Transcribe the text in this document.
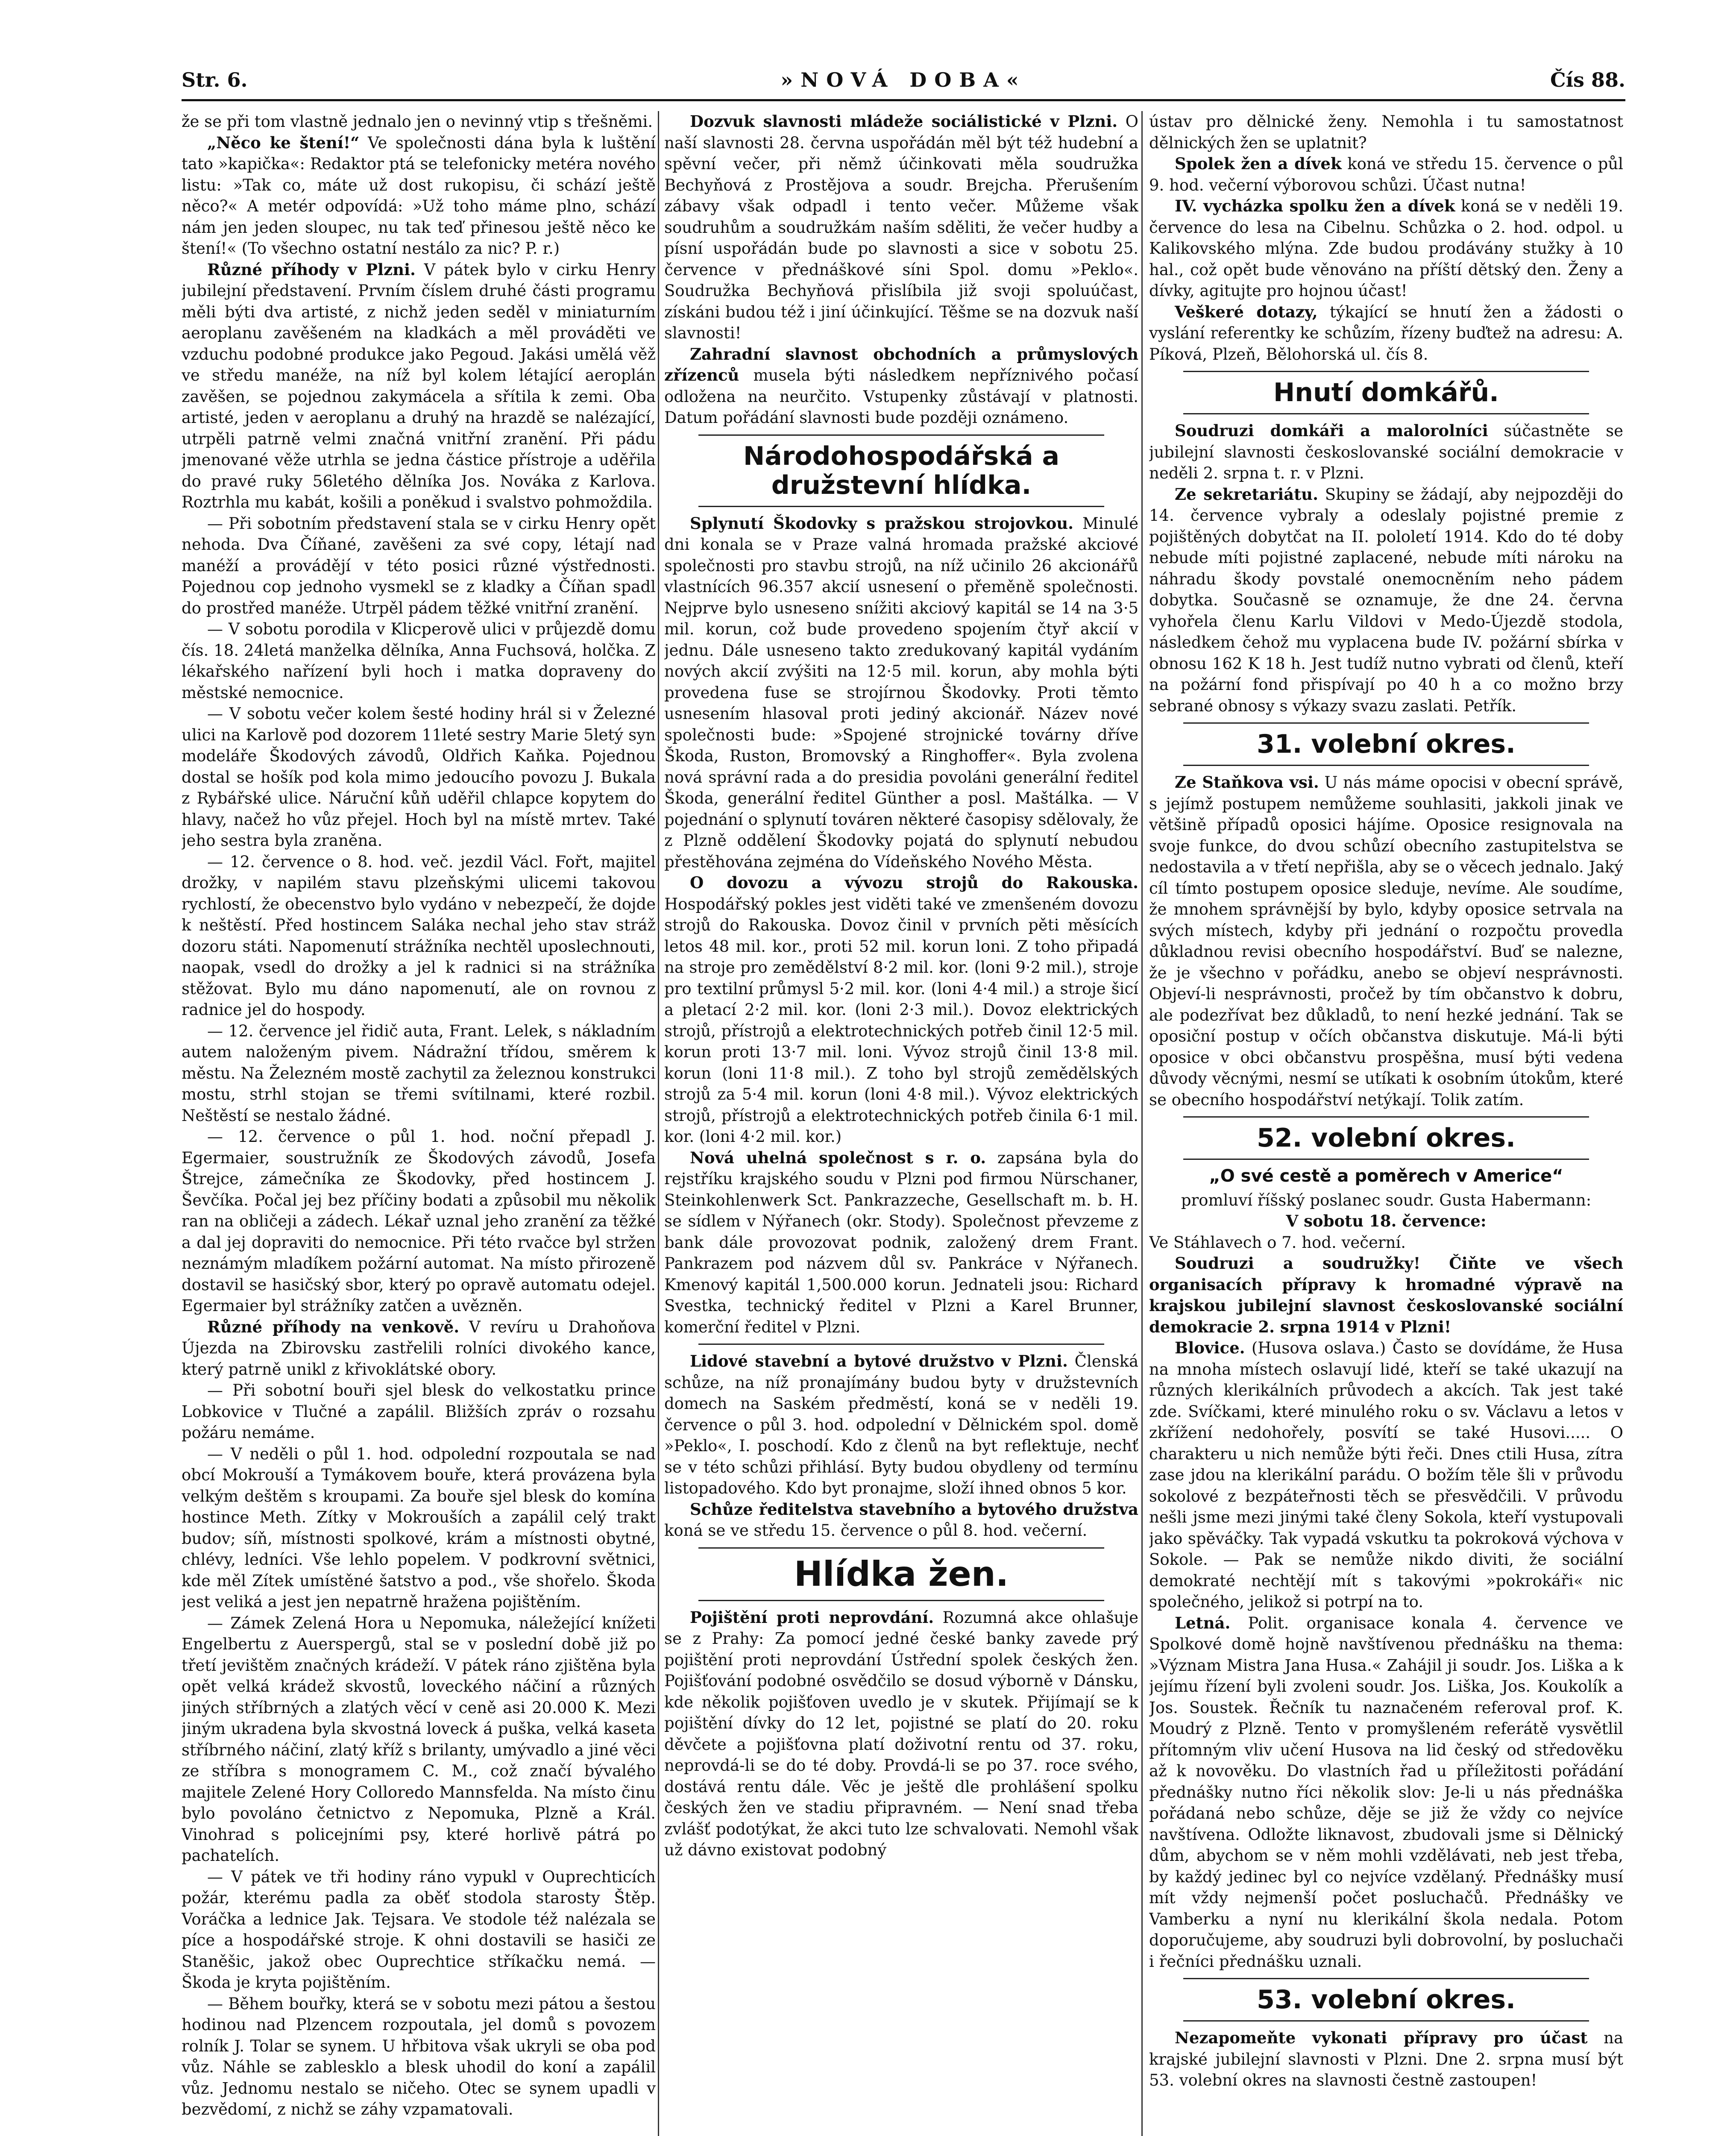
Str. 6.	»NOVÁ DOBA«	Čís 88.

že se při tom vlastně jednalo jen o nevinný vtip s třešněmi.

„Něco ke štení!“ Ve společnosti dána byla k luštění tato »kapička«: Redaktor ptá se telefonicky metéra nového listu: »Tak co, máte už dost rukopisu, či schází ještě něco?« A metér odpovídá: »Už toho máme plno, schází nám jen jeden sloupec, nu tak teď přinesou ještě něco ke štení!« (To všechno ostatní nestálo za nic? P. r.)

Různé příhody v Plzni. V pátek bylo v cirku Henry jubilejní představení. Prvním číslem druhé části programu měli býti dva artisté, z nichž jeden seděl v miniaturním aeroplanu zavěšeném na kladkách a měl prováděti ve vzduchu podobné produkce jako Pegoud. Jakási umělá věž ve středu manéže, na níž byl kolem létající aeroplán zavěšen, se pojednou zakymácela a sřítila k zemi. Oba artisté, jeden v aeroplanu a druhý na hrazdě se nalézající, utrpěli patrně velmi značná vnitřní zranění. Při pádu jmenované věže utrhla se jedna částice přístroje a uděřila do pravé ruky 56letého dělníka Jos. Nováka z Karlova. Roztrhla mu kabát, košili a poněkud i svalstvo pohmoždila.

— Při sobotním představení stala se v cirku Henry opět nehoda. Dva Číňané, zavěšeni za své copy, létají nad manéží a provádějí v této posici různé výstřednosti. Pojednou cop jednoho vysmekl se z kladky a Číňan spadl do prostřed manéže. Utrpěl pádem těžké vnitřní zranění.

— V sobotu porodila v Klicperově ulici v průjezdě domu čís. 18. 24letá manželka dělníka, Anna Fuchsová, holčka. Z lékařského nařízení byli hoch i matka dopraveny do městské nemocnice.

— V sobotu večer kolem šesté hodiny hrál si v Železné ulici na Karlově pod dozorem 11leté sestry Marie 5letý syn modeláře Škodových závodů, Oldřich Kaňka. Pojednou dostal se hošík pod kola mimo jedoucího povozu J. Bukala z Rybářské ulice. Náruční kůň uděřil chlapce kopytem do hlavy, načež ho vůz přejel. Hoch byl na místě mrtev. Také jeho sestra byla zraněna.

— 12. července o 8. hod. več. jezdil Václ. Fořt, majitel drožky, v napilém stavu plzeňskými ulicemi takovou rychlostí, že obecenstvo bylo vydáno v nebezpečí, že dojde k neštěstí. Před hostincem Saláka nechal jeho stav stráž dozoru státi. Napomenutí strážníka nechtěl uposlechnouti, naopak, vsedl do drožky a jel k radnici si na strážníka stěžovat. Bylo mu dáno napomenutí, ale on rovnou z radnice jel do hospody.

— 12. července jel řidič auta, Frant. Lelek, s nákladním autem naloženým pivem. Nádražní třídou, směrem k městu. Na Železném mostě zachytil za železnou konstrukci mostu, strhl stojan se třemi svítilnami, které rozbil. Neštěstí se nestalo žádné.

— 12. července o půl 1. hod. noční přepadl J. Egermaier, soustružník ze Škodových závodů, Josefa Štrejce, zámečníka ze Škodovky, před hostincem J. Ševčíka. Počal jej bez příčiny bodati a způsobil mu několik ran na obličeji a zádech. Lékař uznal jeho zranění za těžké a dal jej dopraviti do nemocnice. Při této rvačce byl stržen neznámým mladíkem požární automat. Na místo přirozeně dostavil se hasičský sbor, který po opravě automatu odejel. Egermaier byl strážníky zatčen a uvězněn.

Různé příhody na venkově. V revíru u Drahoňova Újezda na Zbirovsku zastřelili rolníci divokého kance, který patrně unikl z křivoklátské obory.

— Při sobotní bouři sjel blesk do velkostatku prince Lobkovice v Tlučné a zapálil. Bližších zpráv o rozsahu požáru nemáme.

— V neděli o půl 1. hod. odpolední rozpoutala se nad obcí Mokrouší a Tymákovem bouře, která provázena byla velkým deštěm s kroupami. Za bouře sjel blesk do komína hostince Meth. Zítky v Mokrouších a zapálil celý trakt budov; síň, místnosti spolkové, krám a místnosti obytné, chlévy, ledníci. Vše lehlo popelem. V podkrovní světnici, kde měl Zítek umístěné šatstvo a pod., vše shořelo. Škoda jest veliká a jest jen nepatrně hražena pojištěním.

— Zámek Zelená Hora u Nepomuka, náležející knížeti Engelbertu z Auerspergů, stal se v poslední době již po třetí jevištěm značných krádeží. V pátek ráno zjištěna byla opět velká krádež skvostů, loveckého náčiní a různých jiných stříbrných a zlatých věcí v ceně asi 20.000 K. Mezi jiným ukradena byla skvostná loveck á puška, velká kaseta stříbrného náčiní, zlatý kříž s brilanty, umývadlo a jiné věci ze stříbra s monogramem C. M., což značí bývalého majitele Zelené Hory Colloredo Mannsfelda. Na místo činu bylo povoláno četnictvo z Nepomuka, Plzně a Král. Vinohrad s policejními psy, které horlivě pátrá po pachatelích.

— V pátek ve tři hodiny ráno vypukl v Ouprechticích požár, kterému padla za oběť stodola starosty Štěp. Voráčka a lednice Jak. Tejsara. Ve stodole též nalézala se píce a hospodářské stroje. K ohni dostavili se hasiči ze Staněšic, jakož obec Ouprechtice stříkačku nemá. — Škoda je kryta pojištěním.

— Během bouřky, která se v sobotu mezi pátou a šestou hodinou nad Plzencem rozpoutala, jel domů s povozem rolník J. Tolar se synem. U hřbitova však ukryli se oba pod vůz. Náhle se zablesklo a blesk uhodil do koní a zapálil vůz. Jednomu nestalo se ničeho. Otec se synem upadli v bezvědomí, z nichž se záhy vzpamatovali.

Dozvuk slavnosti mládeže sociálistické v Plzni. O naší slavnosti 28. června uspořádán měl být též hudební a spěvní večer, při němž účinkovati měla soudružka Bechyňová z Prostějova a soudr. Brejcha. Přerušením zábavy však odpadl i tento večer. Můžeme však soudruhům a soudružkám naším sděliti, že večer hudby a písní uspořádán bude po slavnosti a sice v sobotu 25. července v přednáškové síni Spol. domu »Peklo«. Soudružka Bechyňová přislíbila již svoji spoluúčast, získáni budou též i jiní účinkující. Těšme se na dozvuk naší slavnosti!

Zahradní slavnost obchodních a průmyslových zřízenců musela býti následkem nepříznivého počasí odložena na neurčito. Vstupenky zůstávají v platnosti. Datum pořádání slavnosti bude později oznámeno.

Národohospodářská a družstevní hlídka.

Splynutí Škodovky s pražskou strojovkou. Minulé dni konala se v Praze valná hromada pražské akciové společnosti pro stavbu strojů, na níž učinilo 26 akcionářů vlastnících 96.357 akcií usnesení o přeměně společnosti. Nejprve bylo usneseno snížiti akciový kapitál se 14 na 3·5 mil. korun, což bude provedeno spojením čtyř akcií v jednu. Dále usneseno takto zredukovaný kapitál vydáním nových akcií zvýšiti na 12·5 mil. korun, aby mohla býti provedena fuse se strojírnou Škodovky. Proti těmto usnesením hlasoval proti jediný akcionář. Název nové společnosti bude: »Spojené strojnické továrny dříve Škoda, Ruston, Bromovský a Ringhoffer«. Byla zvolena nová správní rada a do presidia povoláni generální ředitel Škoda, generální ředitel Günther a posl. Maštálka. — V pojednání o splynutí továren některé časopisy sdělovaly, že z Plzně oddělení Škodovky pojatá do splynutí nebudou přestěhována zejména do Vídeňského Nového Města.

O dovozu a vývozu strojů do Rakouska. Hospodářský pokles jest viděti také ve zmenšeném dovozu strojů do Rakouska. Dovoz činil v prvních pěti měsících letos 48 mil. kor., proti 52 mil. korun loni. Z toho připadá na stroje pro zemědělství 8·2 mil. kor. (loni 9·2 mil.), stroje pro textilní průmysl 5·2 mil. kor. (loni 4·4 mil.) a stroje šicí a pletací 2·2 mil. kor. (loni 2·3 mil.). Dovoz elektrických strojů, přístrojů a elektrotechnických potřeb činil 12·5 mil. korun proti 13·7 mil. loni. Vývoz strojů činil 13·8 mil. korun (loni 11·8 mil.). Z toho byl strojů zemědělských strojů za 5·4 mil. korun (loni 4·8 mil.). Vývoz elektrických strojů, přístrojů a elektrotechnických potřeb činila 6·1 mil. kor. (loni 4·2 mil. kor.)

Nová uhelná společnost s r. o. zapsána byla do rejstříku krajského soudu v Plzni pod firmou Nürschaner, Steinkohlenwerk Sct. Pankrazzeche, Gesellschaft m. b. H. se sídlem v Nýřanech (okr. Stody). Společnost převzeme z bank dále provozovat podnik, založený drem Frant. Pankrazem pod názvem důl sv. Pankráce v Nýřanech. Kmenový kapitál 1,500.000 korun. Jednateli jsou: Richard Svestka, technický ředitel v Plzni a Karel Brunner, komerční ředitel v Plzni.

Lidové stavební a bytové družstvo v Plzni. Členská schůze, na níž pronajímány budou byty v družstevních domech na Saském předměstí, koná se v neděli 19. července o půl 3. hod. odpolední v Dělnickém spol. domě »Peklo«, I. poschodí. Kdo z členů na byt reflektuje, nechť se v této schůzi přihlásí. Byty budou obydleny od termínu listopadového. Kdo byt pronajme, složí ihned obnos 5 kor.

Schůze ředitelstva stavebního a bytového družstva koná se ve středu 15. července o půl 8. hod. večerní.

Hlídka žen.

Pojištění proti neprovdání. Rozumná akce ohlašuje se z Prahy: Za pomocí jedné české banky zavede prý pojištění proti neprovdání Ústřední spolek českých žen. Pojišťování podobné osvědčilo se dosud výborně v Dánsku, kde několik pojišťoven uvedlo je v skutek. Přijímají se k pojištění dívky do 12 let, pojistné se platí do 20. roku děvčete a pojišťovna platí doživotní rentu od 37. roku, neprovdá-li se do té doby. Provdá-li se po 37. roce svého, dostává rentu dále. Věc je ještě dle prohlášení spolku českých žen ve stadiu připravném. — Není snad třeba zvlášť podotýkat, že akci tuto lze schvalovati. Nemohl však už dávno existovat podobný

ústav pro dělnické ženy. Nemohla i tu samostatnost dělnických žen se uplatnit?

Spolek žen a dívek koná ve středu 15. července o půl 9. hod. večerní výborovou schůzi. Účast nutna!

IV. vycházka spolku žen a dívek koná se v neděli 19. července do lesa na Cibelnu. Schůzka o 2. hod. odpol. u Kalikovského mlýna. Zde budou prodávány stužky à 10 hal., což opět bude věnováno na příští dětský den. Ženy a dívky, agitujte pro hojnou účast!

Veškeré dotazy, týkající se hnutí žen a žádosti o vyslání referentky ke schůzím, řízeny buďtež na adresu: A. Píková, Plzeň, Bělohorská ul. čís 8.

Hnutí domkářů.

Soudruzi domkáři a malorolníci súčastněte se jubilejní slavnosti českoslovanské sociální demokracie v neděli 2. srpna t. r. v Plzni.

Ze sekretariátu. Skupiny se žádají, aby nejpozději do 14. července vybraly a odeslaly pojistné premie z pojištěných dobytčat na II. pololetí 1914. Kdo do té doby nebude míti pojistné zaplacené, nebude míti nároku na náhradu škody povstalé onemocněním neho pádem dobytka. Současně se oznamuje, že dne 24. června vyhořela členu Karlu Vildovi v Medo-Újezdě stodola, následkem čehož mu vyplacena bude IV. požární sbírka v obnosu 162 K 18 h. Jest tudíž nutno vybrati od členů, kteří na požární fond přispívají po 40 h a co možno brzy sebrané obnosy s výkazy svazu zaslati. Petřík.

31. volební okres.

Ze Staňkova vsi. U nás máme opocisi v obecní správě, s jejímž postupem nemůžeme souhlasiti, jakkoli jinak ve většině případů oposici hájíme. Oposice resignovala na svoje funkce, do dvou schůzí obecního zastupitelstva se nedostavila a v třetí nepřišla, aby se o věcech jednalo. Jaký cíl tímto postupem oposice sleduje, nevíme. Ale soudíme, že mnohem správnější by bylo, kdyby oposice setrvala na svých místech, kdyby při jednání o rozpočtu provedla důkladnou revisi obecního hospodářství. Buď se nalezne, že je všechno v pořádku, anebo se objeví nesprávnosti. Objeví-li nesprávnosti, pročež by tím občanstvo k dobru, ale podezřívat bez důkladů, to není hezké jednání. Tak se oposiční postup v očích občanstva diskutuje. Má-li býti oposice v obci občanstvu prospěšna, musí býti vedena důvody věcnými, nesmí se utíkati k osobním útokům, které se obecního hospodářství netýkají. Tolik zatím.

52. volební okres.
„O své cestě a poměrech v Americe“

promluví říšský poslanec soudr. Gusta Habermann:

V sobotu 18. července:

Ve Stáhlavech o 7. hod. večerní.

Soudruzi a soudružky! Čiňte ve všech organisacích přípravy k hromadné výpravě na krajskou jubilejní slavnost českoslovanské sociální demokracie 2. srpna 1914 v Plzni!

Blovice. (Husova oslava.) Často se dovídáme, že Husa na mnoha místech oslavují lidé, kteří se také ukazují na různých klerikálních průvodech a akcích. Tak jest také zde. Svíčkami, které minulého roku o sv. Václavu a letos v zkřížení nedohořely, posvítí se také Husovi..... O charakteru u nich nemůže býti řeči. Dnes ctili Husa, zítra zase jdou na klerikální parádu. O božím těle šli v průvodu sokolové z bezpáteřnosti těch se přesvědčili. V průvodu nešli jsme mezi jinými také členy Sokola, kteří vystupovali jako spěváčky. Tak vypadá vskutku ta pokroková výchova v Sokole. — Pak se nemůže nikdo diviti, že sociální demokraté nechtějí mít s takovými »pokrokáři« nic společného, jelikož si potrpí na to.

Letná. Polit. organisace konala 4. července ve Spolkové domě hojně navštívenou přednášku na thema: »Význam Mistra Jana Husa.« Zahájil ji soudr. Jos. Liška a k jejímu řízení byli zvoleni soudr. Jos. Liška, Jos. Koukolík a Jos. Soustek. Řečník tu naznačeném referoval prof. K. Moudrý z Plzně. Tento v promyšleném referátě vysvětlil přítomným vliv učení Husova na lid český od středověku až k novověku. Do vlastních řad u příležitosti pořádání přednášky nutno říci několik slov: Je-li u nás přednáška pořádaná nebo schůze, děje se již že vždy co nejvíce navštívena. Odložte liknavost, zbudovali jsme si Dělnický dům, abychom se v něm mohli vzdělávati, neb jest třeba, by každý jedinec byl co nejvíce vzdělaný. Přednášky musí mít vždy nejmenší počet posluchačů. Přednášky ve Vamberku a nyní nu klerikální škola nedala. Potom doporučujeme, aby soudruzi byli dobrovolní, by posluchači i řečníci přednášku uznali.

53. volební okres.

Nezapomeňte vykonati přípravy pro účast na krajské jubilejní slavnosti v Plzni. Dne 2. srpna musí být 53. volební okres na slavnosti čestně zastoupen!
